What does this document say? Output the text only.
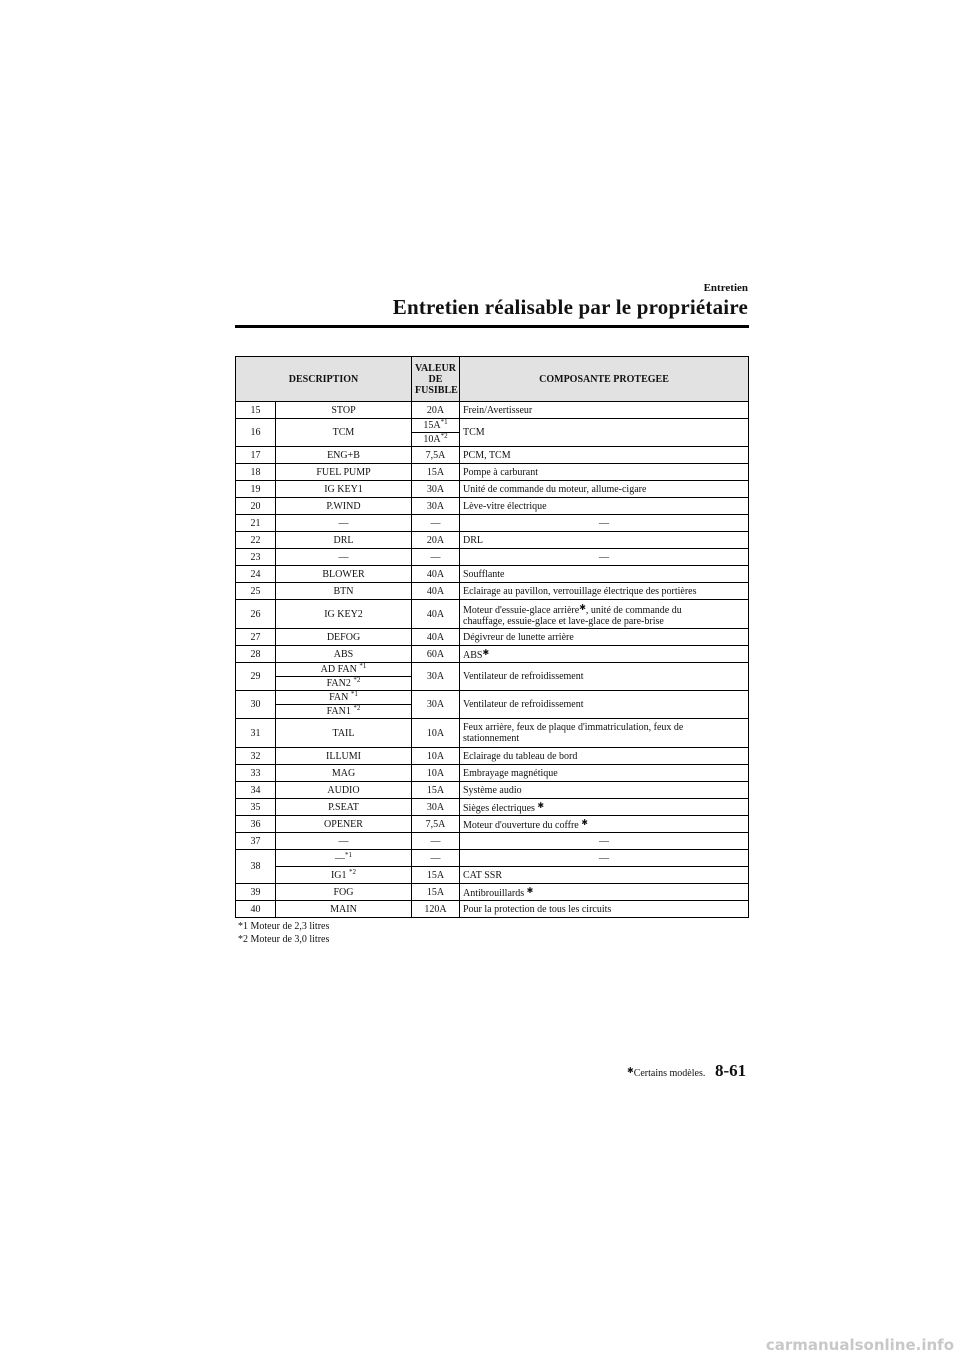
Entretien
Entretien réalisable par le propriétaire
DESCRIPTION		VALEUR
DE
FUSIBLE	COMPOSANTE PROTEGEE
15	STOP	20A	Frein/Avertisseur
16	TCM	$15A^{*1}$	TCM
		$10A^{*2}$
17	ENG+B	7,5A	PCM, TCM
18	FUEL PUMP	15A	Pompe à carburant
19	IG KEY1	30A	Unité de commande du moteur, allume-cigare
20	P.WIND	30A	Lève-vitre électrique
21	—	—	—
22	DRL	20A	DRL
23	—	—	—
24	BLOWER	40A	Soufflante
25	BTN	40A	Eclairage au pavillon, verrouillage électrique des portières
26	IG KEY2	40A	Moteur d'essuie-glace arrière✱, unité de commande du
chauffage, essuie-glace et lave-glace de pare-brise
27	DEFOG	40A	Dégivreur de lunette arrière
28	ABS	60A	ABS✱
29	AD FAN $^{*1}$	30A	Ventilateur de refroidissement
	FAN2 $^{*2}$
30	FAN $^{*1}$	30A	Ventilateur de refroidissement
	FAN1 $^{*2}$
31	TAIL	10A	Feux arrière, feux de plaque d'immatriculation, feux de
stationnement
32	ILLUMI	10A	Eclairage du tableau de bord
33	MAG	10A	Embrayage magnétique
34	AUDIO	15A	Système audio
35	P.SEAT	30A	Sièges électriques ✱
36	OPENER	7,5A	Moteur d'ouverture du coffre ✱
37	—	—	—
38	—$^{*1}$	—	—
	IG1 $^{*2}$	15A	CAT SSR
39	FOG	15A	Antibrouillards ✱
40	MAIN	120A	Pour la protection de tous les circuits
*1 Moteur de 2,3 litres
*2 Moteur de 3,0 litres
✱Certains modèles. 8-61
carmanualsonline.info
